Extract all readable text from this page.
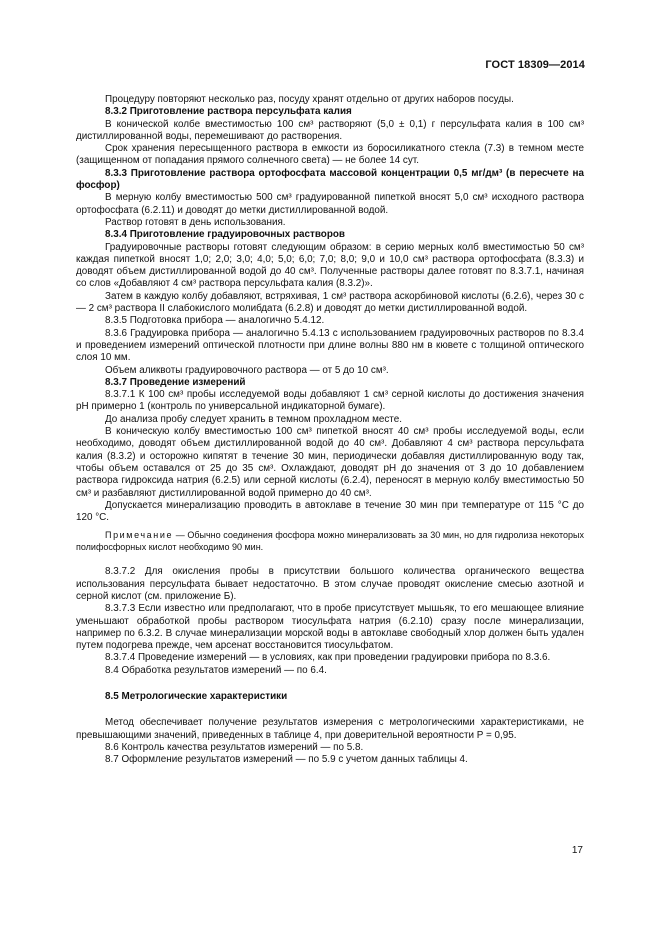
ГОСТ 18309—2014

Процедуру повторяют несколько раз, посуду хранят отдельно от других наборов посуды.

8.3.2 Приготовление раствора персульфата калия

В конической колбе вместимостью 100 см³ растворяют (5,0 ± 0,1) г персульфата калия в 100 см³ дистиллированной воды, перемешивают до растворения.

Срок хранения пересыщенного раствора в емкости из боросиликатного стекла (7.3) в темном месте (защищенном от попадания прямого солнечного света) — не более 14 сут.

8.3.3 Приготовление раствора ортофосфата массовой концентрации 0,5 мг/дм³ (в пересчете на фосфор)

В мерную колбу вместимостью 500 см³ градуированной пипеткой вносят 5,0 см³ исходного раствора ортофосфата (6.2.11) и доводят до метки дистиллированной водой.

Раствор готовят в день использования.

8.3.4 Приготовление градуировочных растворов

Градуировочные растворы готовят следующим образом: в серию мерных колб вместимостью 50 см³ каждая пипеткой вносят 1,0; 2,0; 3,0; 4,0; 5,0; 6,0; 7,0; 8,0; 9,0 и 10,0 см³ раствора ортофосфата (8.3.3) и доводят объем дистиллированной водой до 40 см³. Полученные растворы далее готовят по 8.3.7.1, начиная со слов «Добавляют 4 см³ раствора персульфата калия (8.3.2)».

Затем в каждую колбу добавляют, встряхивая, 1 см³ раствора аскорбиновой кислоты (6.2.6), через 30 с — 2 см³ раствора II слабокислого молибдата (6.2.8) и доводят до метки дистиллированной водой.

8.3.5 Подготовка прибора — аналогично 5.4.12.

8.3.6 Градуировка прибора — аналогично 5.4.13 с использованием градуировочных растворов по 8.3.4 и проведением измерений оптической плотности при длине волны 880 нм в кювете с толщиной оптического слоя 10 мм.

Объем аликвоты градуировочного раствора — от 5 до 10 см³.

8.3.7 Проведение измерений

8.3.7.1 К 100 см³ пробы исследуемой воды добавляют 1 см³ серной кислоты до достижения значения pH примерно 1 (контроль по универсальной индикаторной бумаге).

До анализа пробу следует хранить в темном прохладном месте.

В коническую колбу вместимостью 100 см³ пипеткой вносят 40 см³ пробы исследуемой воды, если необходимо, доводят объем дистиллированной водой до 40 см³. Добавляют 4 см³ раствора персульфата калия (8.3.2) и осторожно кипятят в течение 30 мин, периодически добавляя дистиллированную воду так, чтобы объем оставался от 25 до 35 см³. Охлаждают, доводят pH до значения от 3 до 10 добавлением раствора гидроксида натрия (6.2.5) или серной кислоты (6.2.4), переносят в мерную колбу вместимостью 50 см³ и разбавляют дистиллированной водой примерно до 40 см³.

Допускается минерализацию проводить в автоклаве в течение 30 мин при температуре от 115 °С до 120 °С.

Примечание — Обычно соединения фосфора можно минерализовать за 30 мин, но для гидролиза некоторых полифосфорных кислот необходимо 90 мин.

8.3.7.2 Для окисления пробы в присутствии большого количества органического вещества использования персульфата бывает недостаточно. В этом случае проводят окисление смесью азотной и серной кислот (см. приложение Б).

8.3.7.3 Если известно или предполагают, что в пробе присутствует мышьяк, то его мешающее влияние уменьшают обработкой пробы раствором тиосульфата натрия (6.2.10) сразу после минерализации, например по 6.3.2. В случае минерализации морской воды в автоклаве свободный хлор должен быть удален путем подогрева прежде, чем арсенат восстановится тиосульфатом.

8.3.7.4 Проведение измерений — в условиях, как при проведении градуировки прибора по 8.3.6.

8.4 Обработка результатов измерений — по 6.4.

8.5 Метрологические характеристики

Метод обеспечивает получение результатов измерения с метрологическими характеристиками, не превышающими значений, приведенных в таблице 4, при доверительной вероятности Р = 0,95.

8.6 Контроль качества результатов измерений — по 5.8.

8.7 Оформление результатов измерений — по 5.9 с учетом данных таблицы 4.

17
